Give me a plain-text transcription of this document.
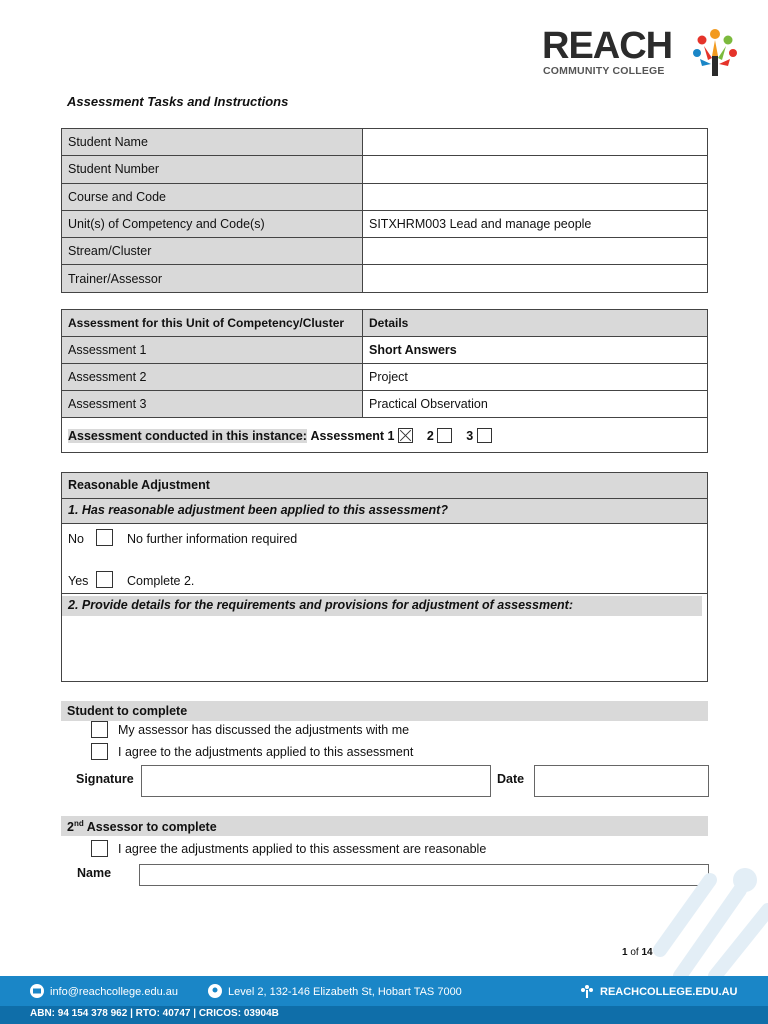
REACH
COMMUNITY COLLEGE
Assessment Tasks and Instructions
Student Name	
Student Number	
Course and Code	
Unit(s) of Competency and Code(s)	SITXHRM003 Lead and manage people
Stream/Cluster	
Trainer/Assessor	
Assessment for this Unit of Competency/Cluster	Details
Assessment 1	Short Answers
Assessment 2	Project
Assessment 3	Practical Observation
Assessment conducted in this instance: Assessment 1 2 3	
Reasonable Adjustment
1. Has reasonable adjustment been applied to this assessment?
No	No further information required
Yes	Complete 2.
2. Provide details for the requirements and provisions for adjustment of assessment:
Student to complete
My assessor has discussed the adjustments with me
I agree to the adjustments applied to this assessment
Signature	Date
2nd Assessor to complete
I agree the adjustments applied to this assessment are reasonable
Name
1 of 14
info@reachcollege.edu.au	Level 2, 132-146 Elizabeth St, Hobart TAS 7000	REACHCOLLEGE.EDU.AU
ABN: 94 154 378 962 | RTO: 40747 | CRICOS: 03904B
